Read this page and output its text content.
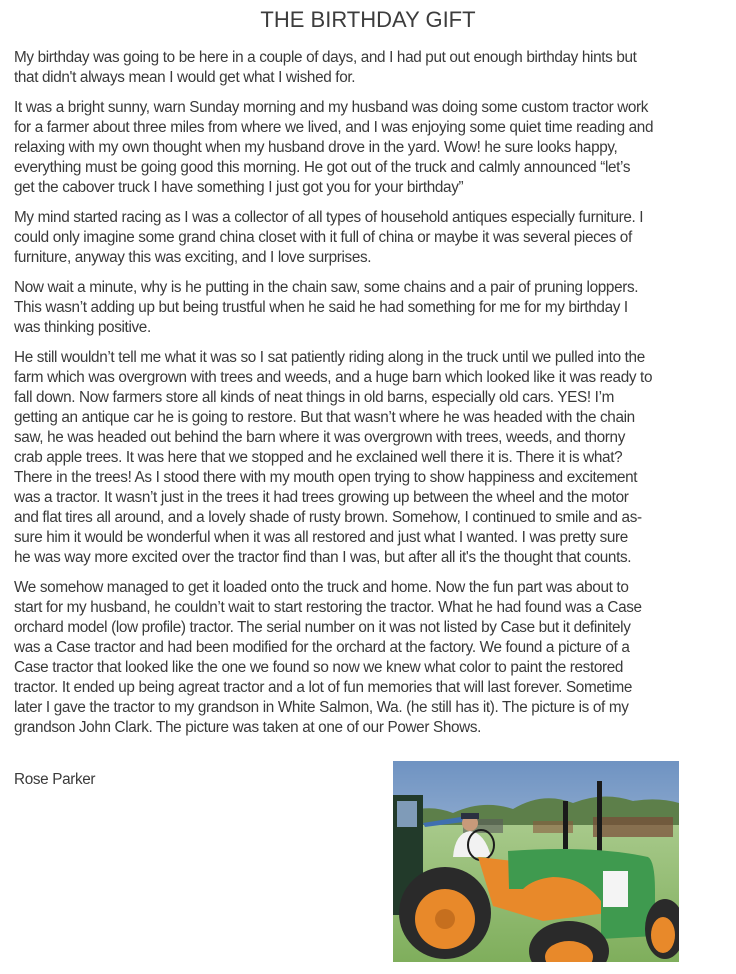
THE BIRTHDAY GIFT

My birthday was going to be here in a couple of days, and I had put out enough birthday hints but
that didn't always mean I would get what I wished for.

It was a bright sunny, warn Sunday morning and my husband was doing some custom tractor work
for a farmer about three miles from where we lived, and I was enjoying some quiet time reading and
relaxing with my own thought when my husband drove in the yard. Wow! he sure looks happy,
everything must be going good this morning. He got out of the truck and calmly announced “let’s
get the cabover truck I have something I just got you for your birthday”

My mind started racing as I was a collector of all types of household antiques especially furniture. I
could only imagine some grand china closet with it full of china or maybe it was several pieces of
furniture, anyway this was exciting, and I love surprises.

Now wait a minute, why is he putting in the chain saw, some chains and a pair of pruning loppers.
This wasn’t adding up but being trustful when he said he had something for me for my birthday I
was thinking positive.

He still wouldn’t tell me what it was so I sat patiently riding along in the truck until we pulled into the
farm which was overgrown with trees and weeds, and a huge barn which looked like it was ready to
fall down. Now farmers store all kinds of neat things in old barns, especially old cars. YES! I’m
getting an antique car he is going to restore. But that wasn’t where he was headed with the chain
saw, he was headed out behind the barn where it was overgrown with trees, weeds, and thorny
crab apple trees. It was here that we stopped and he exclained well there it is. There it is what?
There in the trees! As I stood there with my mouth open trying to show happiness and excitement
was a tractor. It wasn’t just in the trees it had trees growing up between the wheel and the motor
and flat tires all around, and a lovely shade of rusty brown. Somehow, I continued to smile and as-
sure him it would be wonderful when it was all restored and just what I wanted. I was pretty sure
he was way more excited over the tractor find than I was, but after all it's the thought that counts.

We somehow managed to get it loaded onto the truck and home. Now the fun part was about to
start for my husband, he couldn’t wait to start restoring the tractor. What he had found was a Case
orchard model (low profile) tractor. The serial number on it was not listed by Case but it definitely
was a Case tractor and had been modified for the orchard at the factory. We found a picture of a
Case tractor that looked like the one we found so now we knew what color to paint the restored
tractor. It ended up being agreat tractor and a lot of fun memories that will last forever. Sometime
later I gave the tractor to my grandson in White Salmon, Wa. (he still has it). The picture is of my
grandson John Clark. The picture was taken at one of our Power Shows.

Rose Parker
